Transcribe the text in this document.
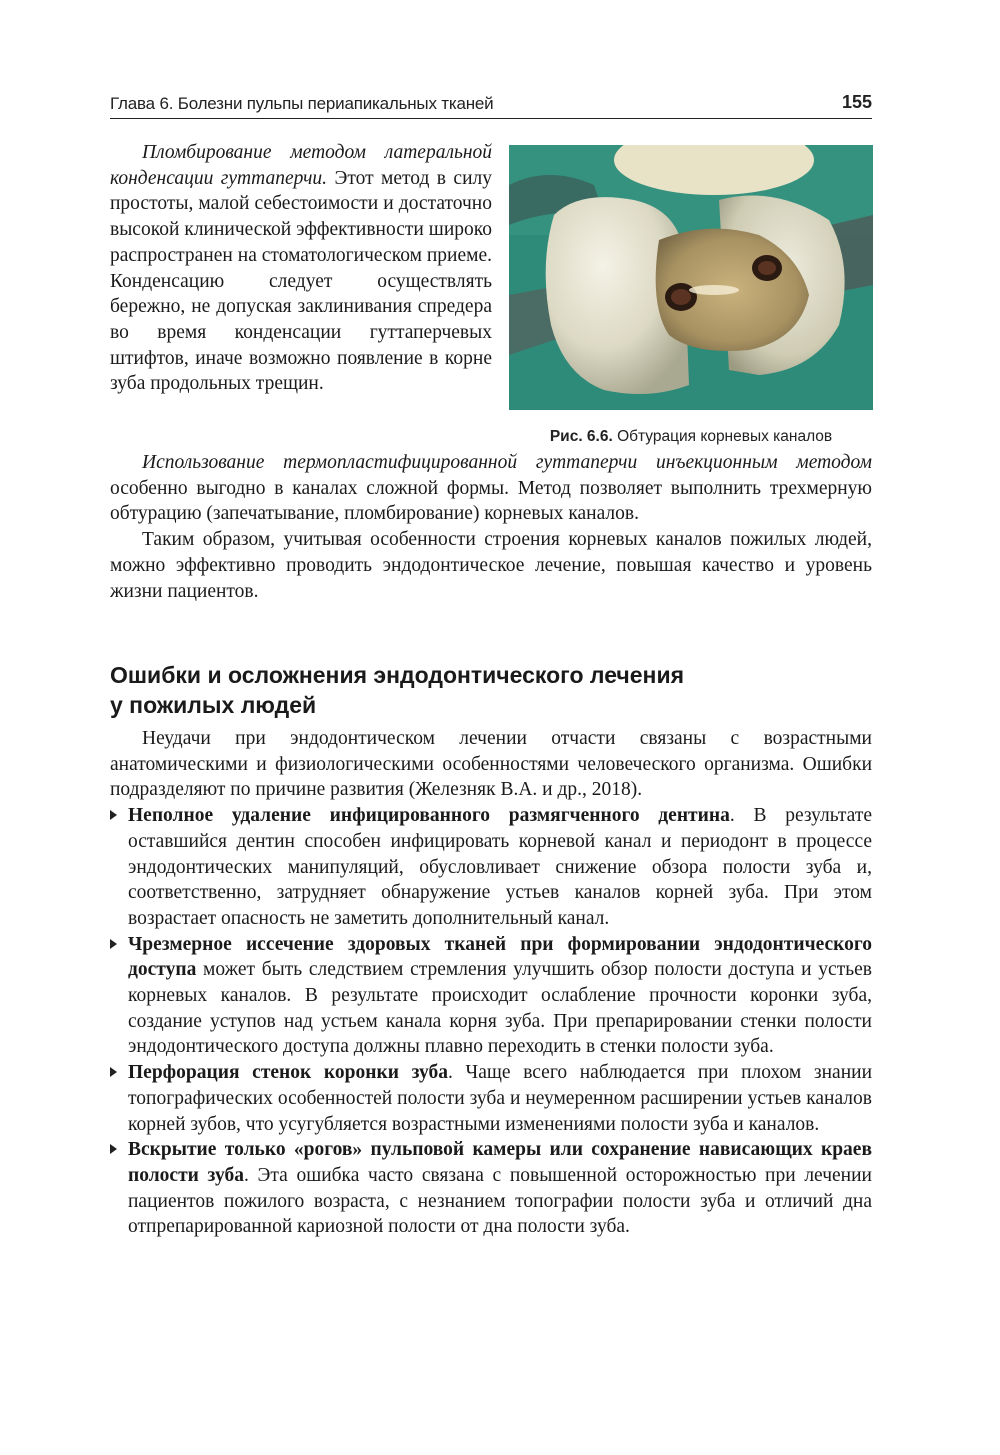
Глава 6. Болезни пульпы периапикальных тканей	155

Пломбирование методом латеральной конденсации гуттаперчи. Этот метод в силу простоты, малой себестоимости и достаточно высокой клинической эффективности широко распространен на стоматологическом приеме. Конденсацию следует осуществлять бережно, не допуская заклинивания спредера во время конденсации гуттаперчевых штифтов, иначе возможно появление в корне зуба продольных трещин.

Рис. 6.6. Обтурация корневых каналов

Использование термопластифицированной гуттаперчи инъекционным методом особенно выгодно в каналах сложной формы. Метод позволяет выполнить трехмерную обтурацию (запечатывание, пломбирование) корневых каналов.

Таким образом, учитывая особенности строения корневых каналов пожилых людей, можно эффективно проводить эндодонтическое лечение, повышая качество и уровень жизни пациентов.

Ошибки и осложнения эндодонтического лечения
у пожилых людей

Неудачи при эндодонтическом лечении отчасти связаны с возрастными анатомическими и физиологическими особенностями человеческого организма. Ошибки подразделяют по причине развития (Железняк В.А. и др., 2018).

Неполное удаление инфицированного размягченного дентина. В результате оставшийся дентин способен инфицировать корневой канал и периодонт в процессе эндодонтических манипуляций, обусловливает снижение обзора полости зуба и, соответственно, затрудняет обнаружение устьев каналов корней зуба. При этом возрастает опасность не заметить дополнительный канал.
Чрезмерное иссечение здоровых тканей при формировании эндодонтического доступа может быть следствием стремления улучшить обзор полости доступа и устьев корневых каналов. В результате происходит ослабление прочности коронки зуба, создание уступов над устьем канала корня зуба. При препарировании стенки полости эндодонтического доступа должны плавно переходить в стенки полости зуба.
Перфорация стенок коронки зуба. Чаще всего наблюдается при плохом знании топографических особенностей полости зуба и неумеренном расширении устьев каналов корней зубов, что усугубляется возрастными изменениями полости зуба и каналов.
Вскрытие только «рогов» пульповой камеры или сохранение нависающих краев полости зуба. Эта ошибка часто связана с повышенной осторожностью при лечении пациентов пожилого возраста, с незнанием топографии полости зуба и отличий дна отпрепарированной кариозной полости от дна полости зуба.
